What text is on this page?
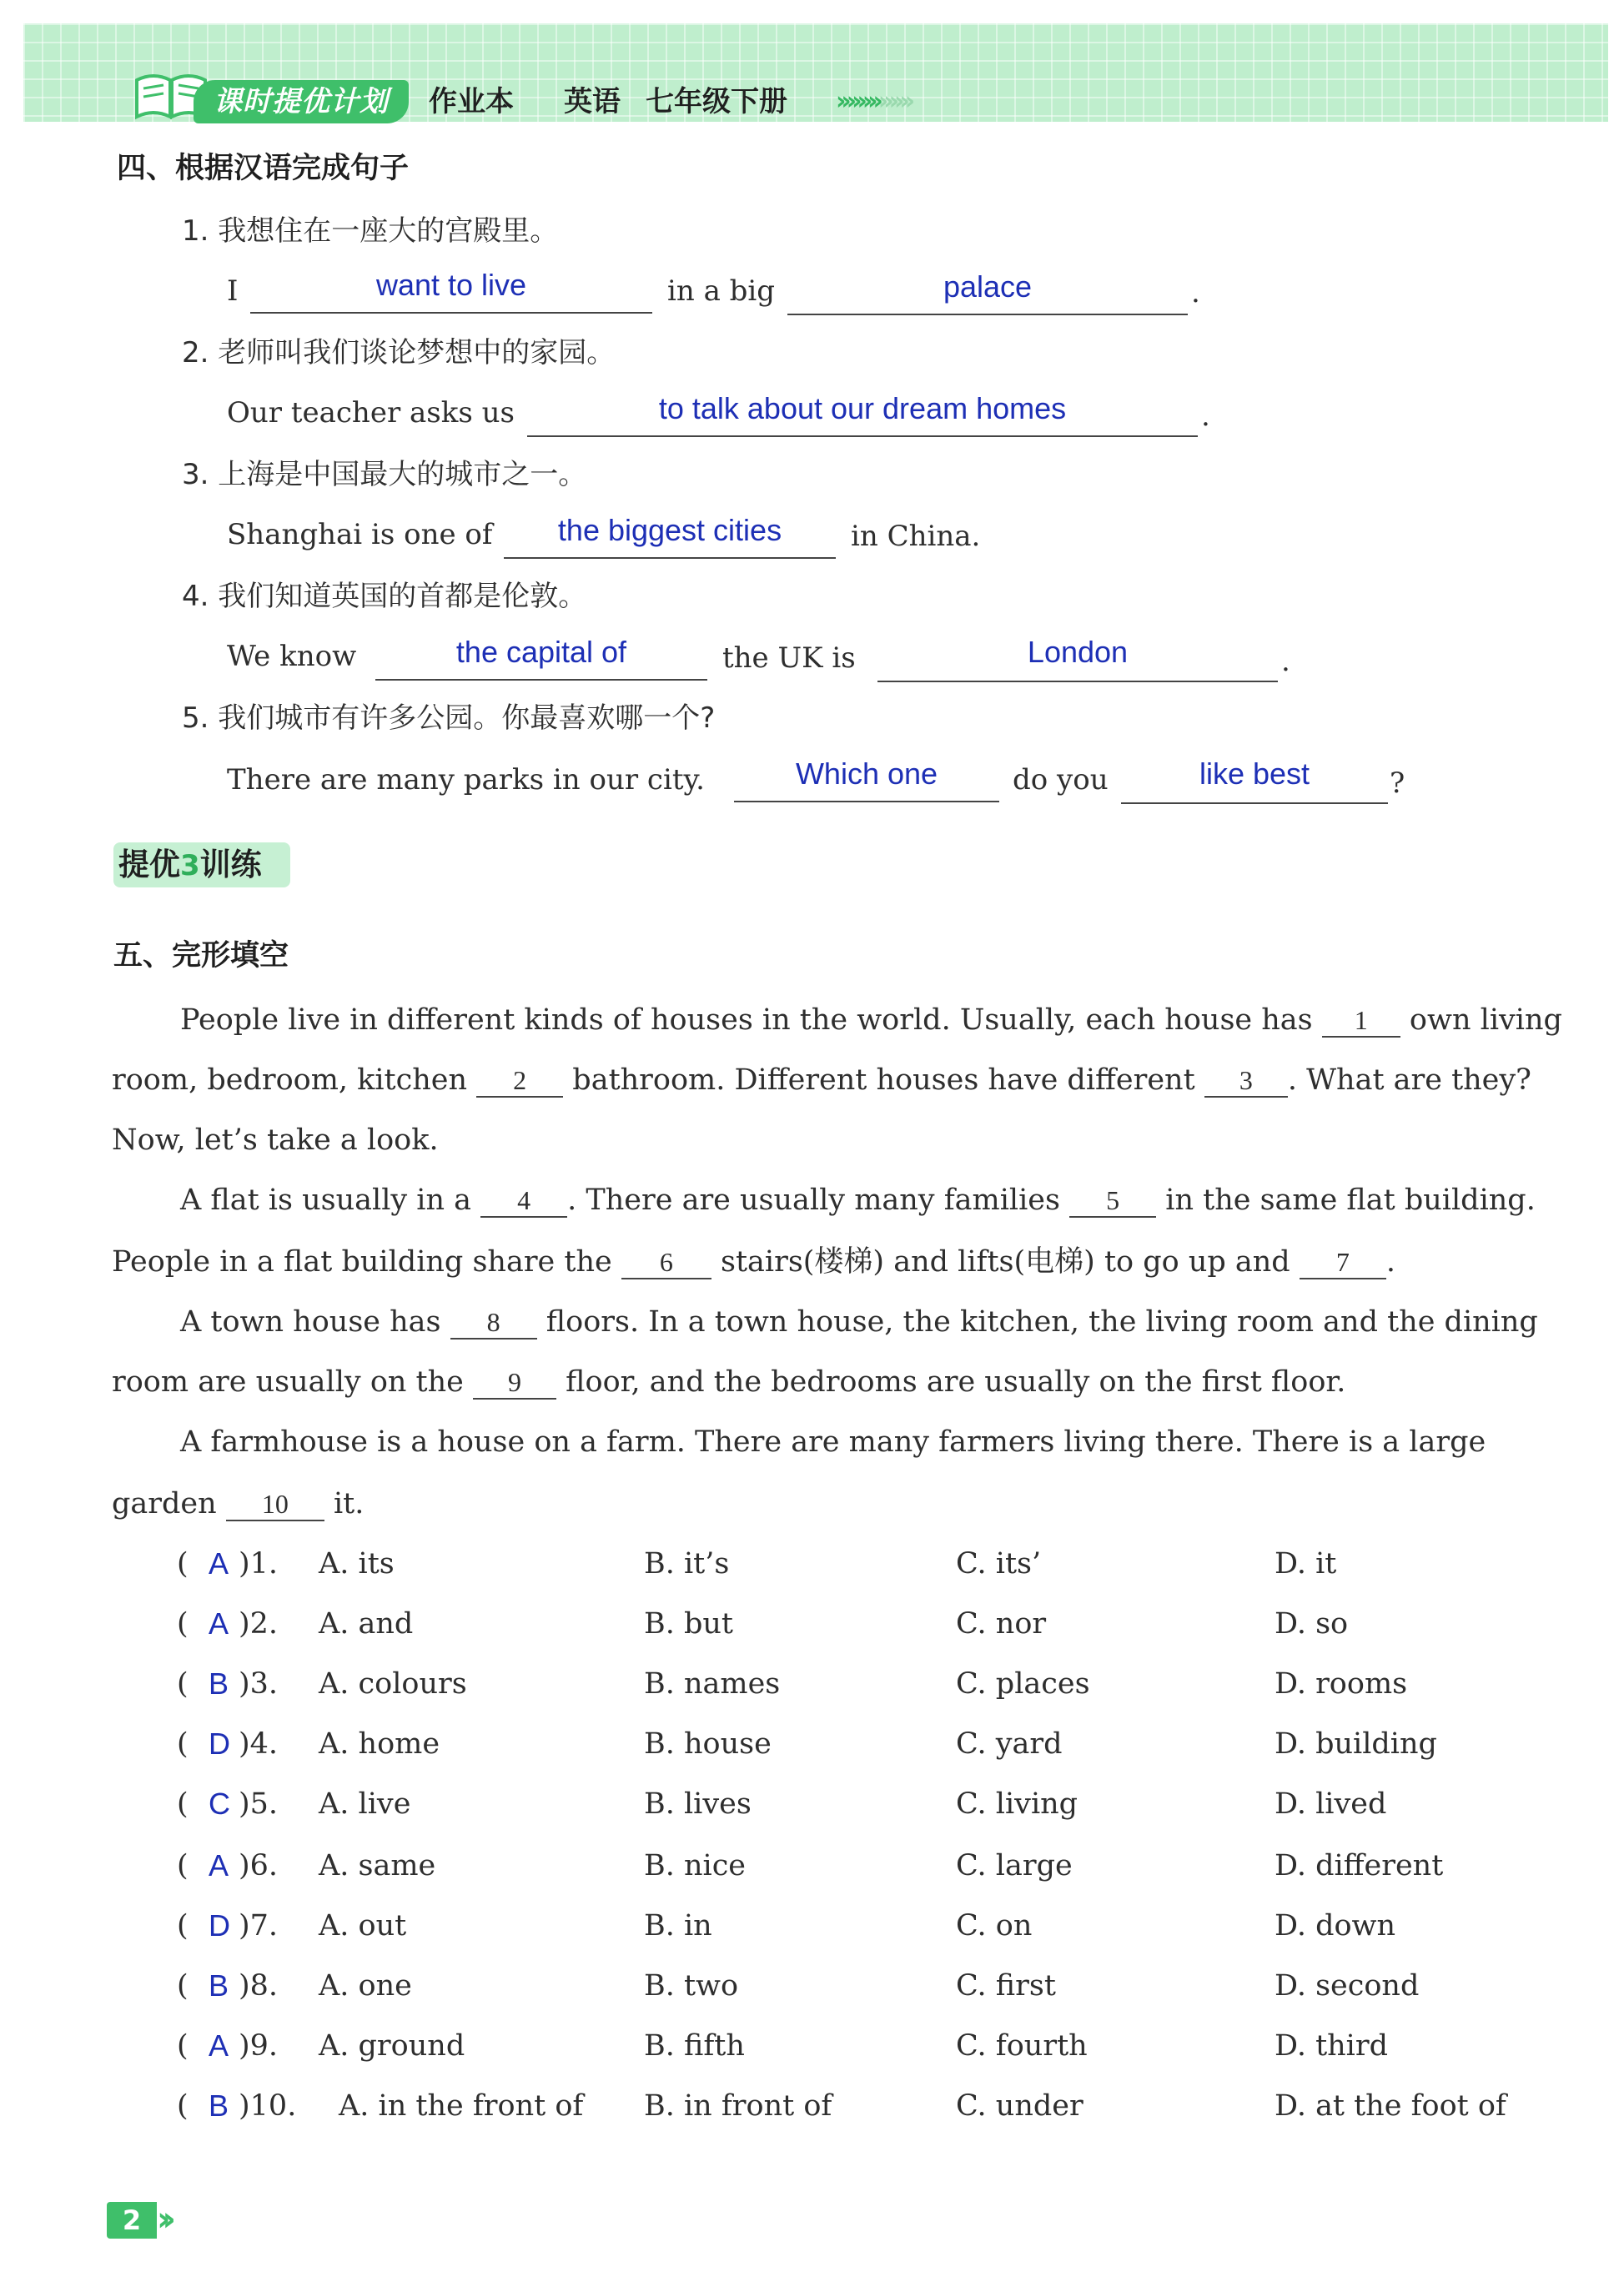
课时提优计划	作业本 英语 七年级下册 ››››››››››››››
四、根据汉语完成句子
1. 我想住在一座大的宫殿里。
I	want to live	in a big	palace	.
2. 老师叫我们谈论梦想中的家园。
Our teacher asks us	to talk about our dream homes	.
3. 上海是中国最大的城市之一。
Shanghai is one of	the biggest cities	in China.
4. 我们知道英国的首都是伦敦。
We know	the capital of	the UK is	London	.
5. 我们城市有许多公园。你最喜欢哪一个?
There are many parks in our city.	Which one	do you	like best	?
提优3训练
五、完形填空
People live in different kinds of houses in the world. Usually, each house has 1 own living
room, bedroom, kitchen 2 bathroom. Different houses have different 3 . What are they?
Now, let’s take a look.
A flat is usually in a 4 . There are usually many families 5 in the same flat building.
People in a flat building share the 6 stairs(楼梯) and lifts(电梯) to go up and 7 .
A town house has 8 floors. In a town house, the kitchen, the living room and the dining
room are usually on the 9 floor, and the bedrooms are usually on the first floor.
A farmhouse is a house on a farm. There are many farmers living there. There is a large
garden 10 it.
( A )1. A. its	B. it’s	C. its’	D. it
( A )2. A. and	B. but	C. nor	D. so
( B )3. A. colours	B. names	C. places	D. rooms
( D )4. A. home	B. house	C. yard	D. building
( C )5. A. live	B. lives	C. living	D. lived
( A )6. A. same	B. nice	C. large	D. different
( D )7. A. out	B. in	C. on	D. down
( B )8. A. one	B. two	C. first	D. second
( A )9. A. ground	B. fifth	C. fourth	D. third
( B )10. A. in the front of B. in front of	C. under	D. at the foot of
2 ››
